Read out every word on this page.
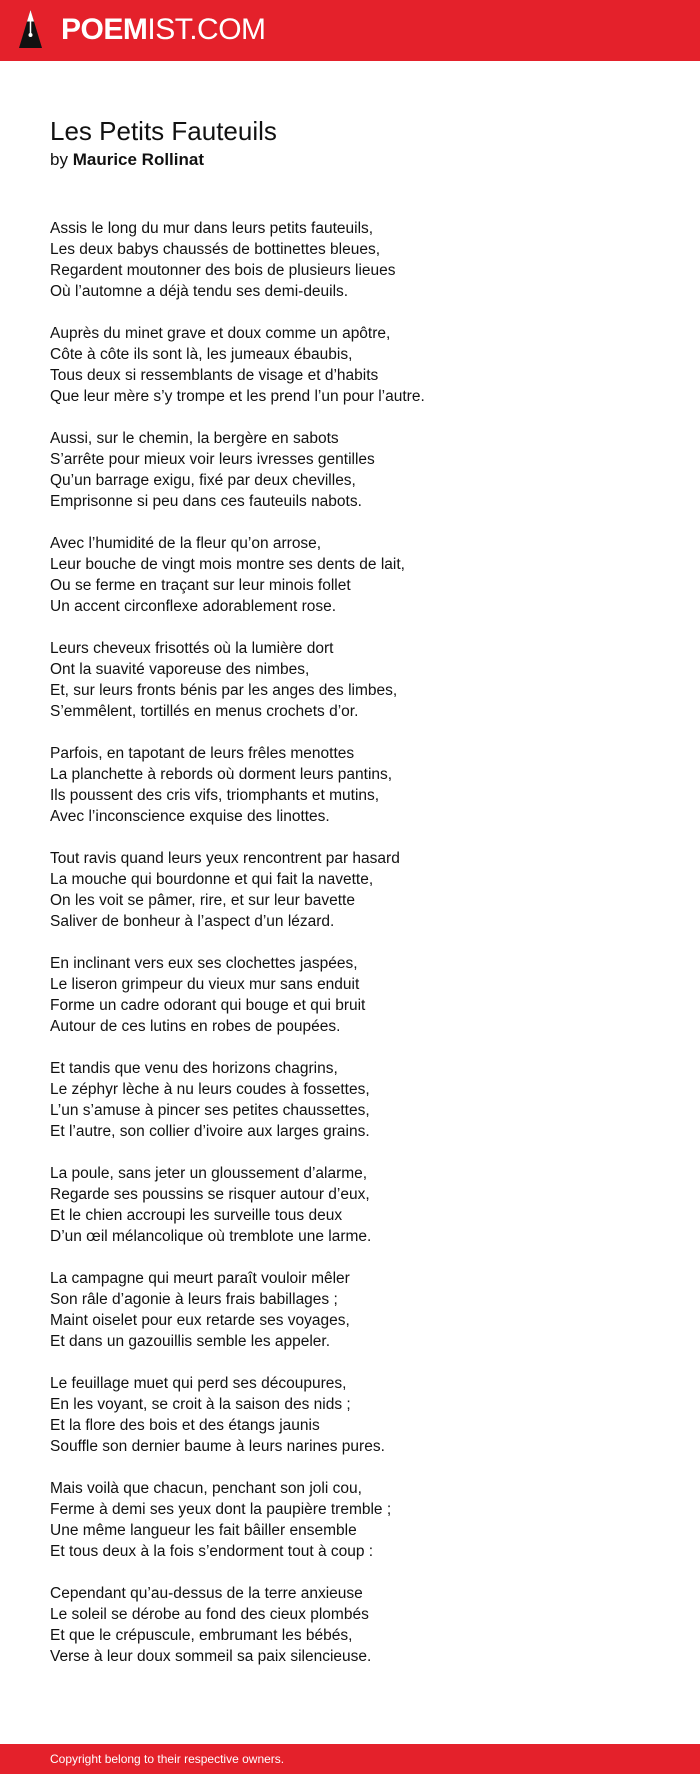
POEMIST.COM
Les Petits Fauteuils
by Maurice Rollinat
Assis le long du mur dans leurs petits fauteuils,
Les deux babys chaussés de bottinettes bleues,
Regardent moutonner des bois de plusieurs lieues
Où l’automne a déjà tendu ses demi-deuils.
Auprès du minet grave et doux comme un apôtre,
Côte à côte ils sont là, les jumeaux ébaubis,
Tous deux si ressemblants de visage et d’habits
Que leur mère s’y trompe et les prend l’un pour l’autre.
Aussi, sur le chemin, la bergère en sabots
S’arrête pour mieux voir leurs ivresses gentilles
Qu’un barrage exigu, fixé par deux chevilles,
Emprisonne si peu dans ces fauteuils nabots.
Avec l’humidité de la fleur qu’on arrose,
Leur bouche de vingt mois montre ses dents de lait,
Ou se ferme en traçant sur leur minois follet
Un accent circonflexe adorablement rose.
Leurs cheveux frisottés où la lumière dort
Ont la suavité vaporeuse des nimbes,
Et, sur leurs fronts bénis par les anges des limbes,
S’emmêlent, tortillés en menus crochets d’or.
Parfois, en tapotant de leurs frêles menottes
La planchette à rebords où dorment leurs pantins,
Ils poussent des cris vifs, triomphants et mutins,
Avec l’inconscience exquise des linottes.
Tout ravis quand leurs yeux rencontrent par hasard
La mouche qui bourdonne et qui fait la navette,
On les voit se pâmer, rire, et sur leur bavette
Saliver de bonheur à l’aspect d’un lézard.
En inclinant vers eux ses clochettes jaspées,
Le liseron grimpeur du vieux mur sans enduit
Forme un cadre odorant qui bouge et qui bruit
Autour de ces lutins en robes de poupées.
Et tandis que venu des horizons chagrins,
Le zéphyr lèche à nu leurs coudes à fossettes,
L’un s’amuse à pincer ses petites chaussettes,
Et l’autre, son collier d’ivoire aux larges grains.
La poule, sans jeter un gloussement d’alarme,
Regarde ses poussins se risquer autour d’eux,
Et le chien accroupi les surveille tous deux
D’un œil mélancolique où tremblote une larme.
La campagne qui meurt paraît vouloir mêler
Son râle d’agonie à leurs frais babillages ;
Maint oiselet pour eux retarde ses voyages,
Et dans un gazouillis semble les appeler.
Le feuillage muet qui perd ses découpures,
En les voyant, se croit à la saison des nids ;
Et la flore des bois et des étangs jaunis
Souffle son dernier baume à leurs narines pures.
Mais voilà que chacun, penchant son joli cou,
Ferme à demi ses yeux dont la paupière tremble ;
Une même langueur les fait bâiller ensemble
Et tous deux à la fois s’endorment tout à coup :
Cependant qu’au-dessus de la terre anxieuse
Le soleil se dérobe au fond des cieux plombés
Et que le crépuscule, embrumant les bébés,
Verse à leur doux sommeil sa paix silencieuse.
Copyright belong to their respective owners.
